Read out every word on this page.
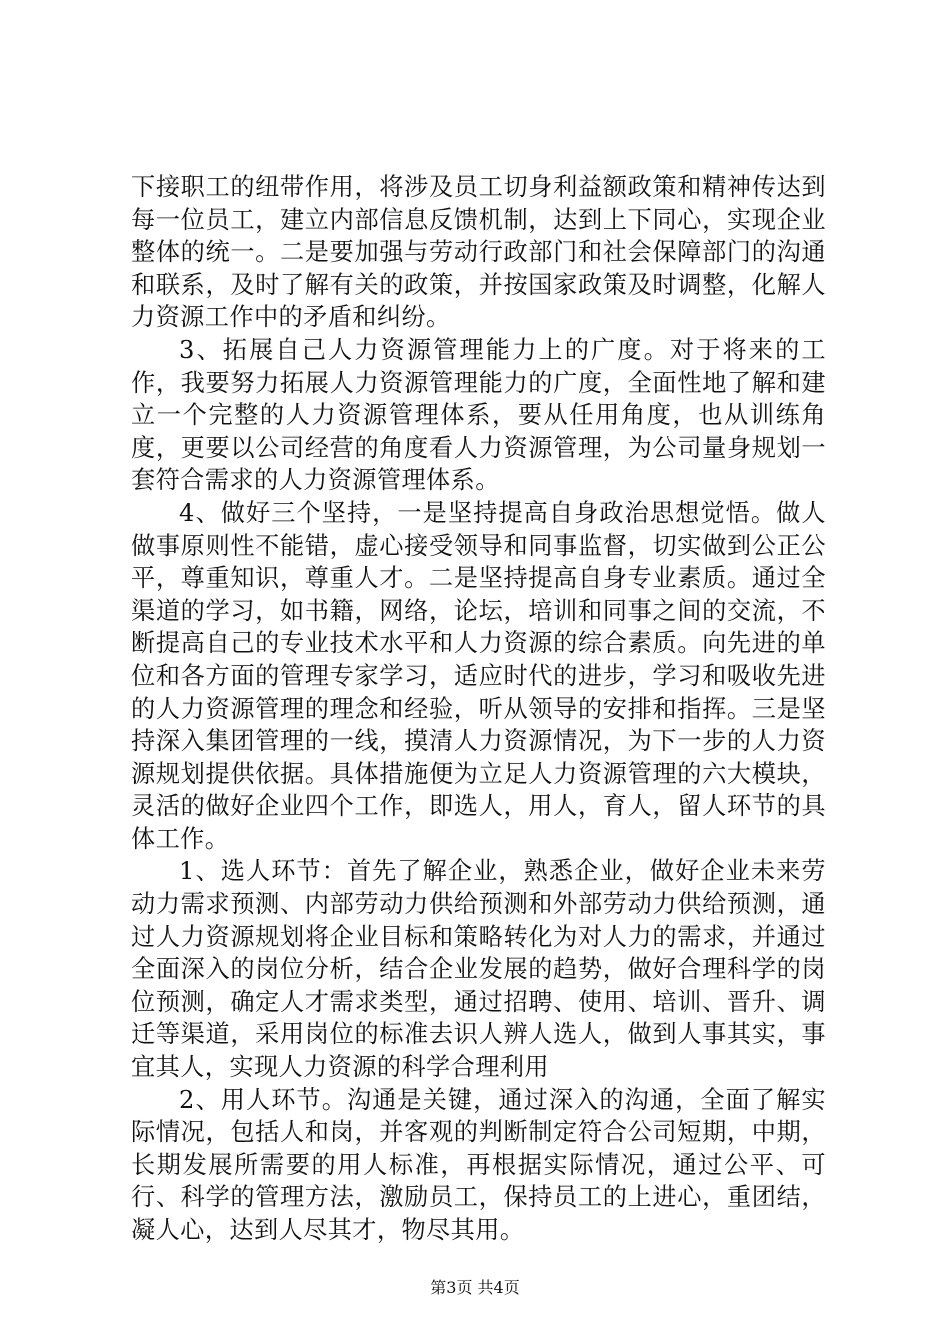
下接职工的纽带作用，将涉及员工切身利益额政策和精神传达到每一位员工，建立内部信息反馈机制，达到上下同心，实现企业整体的统一。二是要加强与劳动行政部门和社会保障部门的沟通和联系，及时了解有关的政策，并按国家政策及时调整，化解人力资源工作中的矛盾和纠纷。

3、拓展自己人力资源管理能力上的广度。对于将来的工作，我要努力拓展人力资源管理能力的广度，全面性地了解和建立一个完整的人力资源管理体系，要从任用角度，也从训练角度，更要以公司经营的角度看人力资源管理，为公司量身规划一套符合需求的人力资源管理体系。

4、做好三个坚持，一是坚持提高自身政治思想觉悟。做人做事原则性不能错，虚心接受领导和同事监督，切实做到公正公平，尊重知识，尊重人才。二是坚持提高自身专业素质。通过全渠道的学习，如书籍，网络，论坛，培训和同事之间的交流，不断提高自己的专业技术水平和人力资源的综合素质。向先进的单位和各方面的管理专家学习，适应时代的进步，学习和吸收先进的人力资源管理的理念和经验，听从领导的安排和指挥。三是坚持深入集团管理的一线，摸清人力资源情况，为下一步的人力资源规划提供依据。具体措施便为立足人力资源管理的六大模块，灵活的做好企业四个工作，即选人，用人，育人，留人环节的具体工作。

1、选人环节：首先了解企业，熟悉企业，做好企业未来劳动力需求预测、内部劳动力供给预测和外部劳动力供给预测，通过人力资源规划将企业目标和策略转化为对人力的需求，并通过全面深入的岗位分析，结合企业发展的趋势，做好合理科学的岗位预测，确定人才需求类型，通过招聘、使用、培训、晋升、调迁等渠道，采用岗位的标准去识人辨人选人，做到人事其实，事宜其人，实现人力资源的科学合理利用

2、用人环节。沟通是关键，通过深入的沟通，全面了解实际情况，包括人和岗，并客观的判断制定符合公司短期，中期，长期发展所需要的用人标准，再根据实际情况，通过公平、可行、科学的管理方法，激励员工，保持员工的上进心，重团结，凝人心，达到人尽其才，物尽其用。

第3页 共4页
